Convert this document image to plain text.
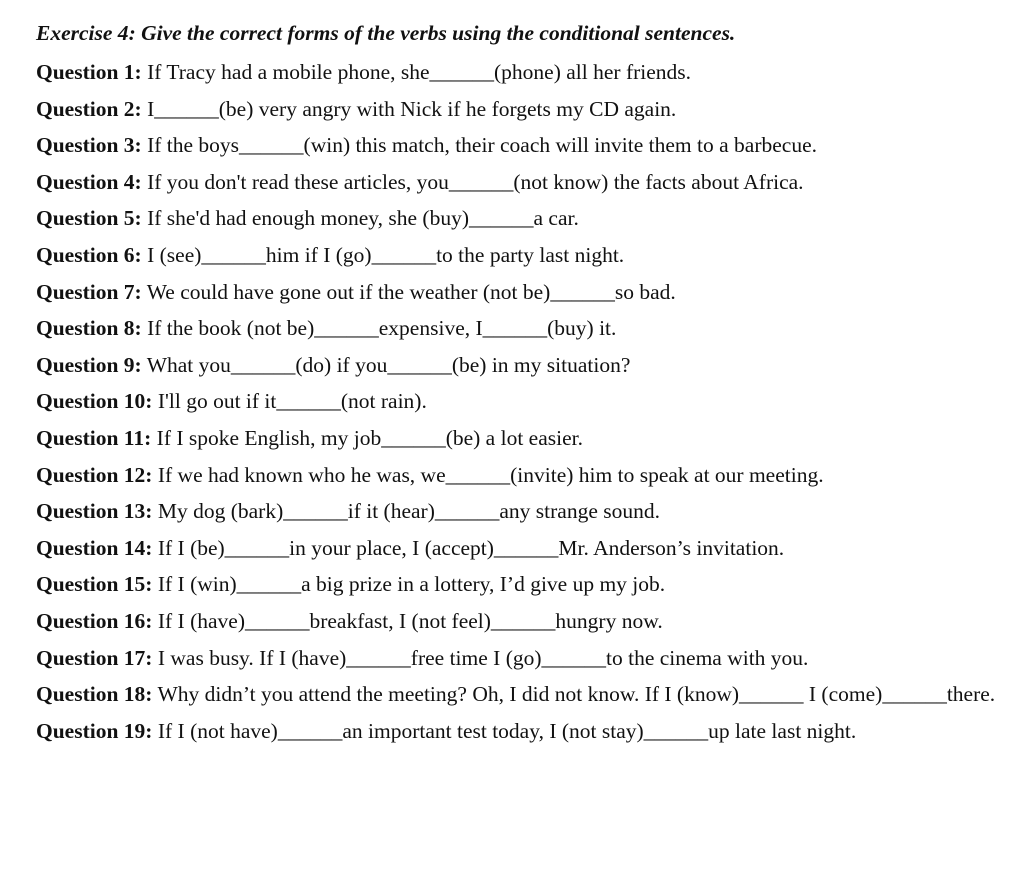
Exercise 4: Give the correct forms of the verbs using the conditional sentences.
Question 1: If Tracy had a mobile phone, she______(phone) all her friends.
Question 2: I______(be) very angry with Nick if he forgets my CD again.
Question 3: If the boys______(win) this match, their coach will invite them to a barbecue.
Question 4: If you don't read these articles, you______(not know) the facts about Africa.
Question 5: If she'd had enough money, she (buy)______a car.
Question 6: I (see)______him if I (go)______to the party last night.
Question 7: We could have gone out if the weather (not be)______so bad.
Question 8: If the book (not be)______expensive, I______(buy) it.
Question 9: What you______(do) if you______(be) in my situation?
Question 10: I'll go out if it______(not rain).
Question 11: If I spoke English, my job______(be) a lot easier.
Question 12: If we had known who he was, we______(invite) him to speak at our meeting.
Question 13: My dog (bark)______if it (hear)______any strange sound.
Question 14: If I (be)______in your place, I (accept)______Mr. Anderson’s invitation.
Question 15: If I (win)______a big prize in a lottery, I’d give up my job.
Question 16: If I (have)______breakfast, I (not feel)______hungry now.
Question 17: I was busy. If I (have)______free time I (go)______to the cinema with you.
Question 18: Why didn’t you attend the meeting? Oh, I did not know. If I (know)______ I (come)______there.
Question 19: If I (not have)______an important test today, I (not stay)______up late last night.
